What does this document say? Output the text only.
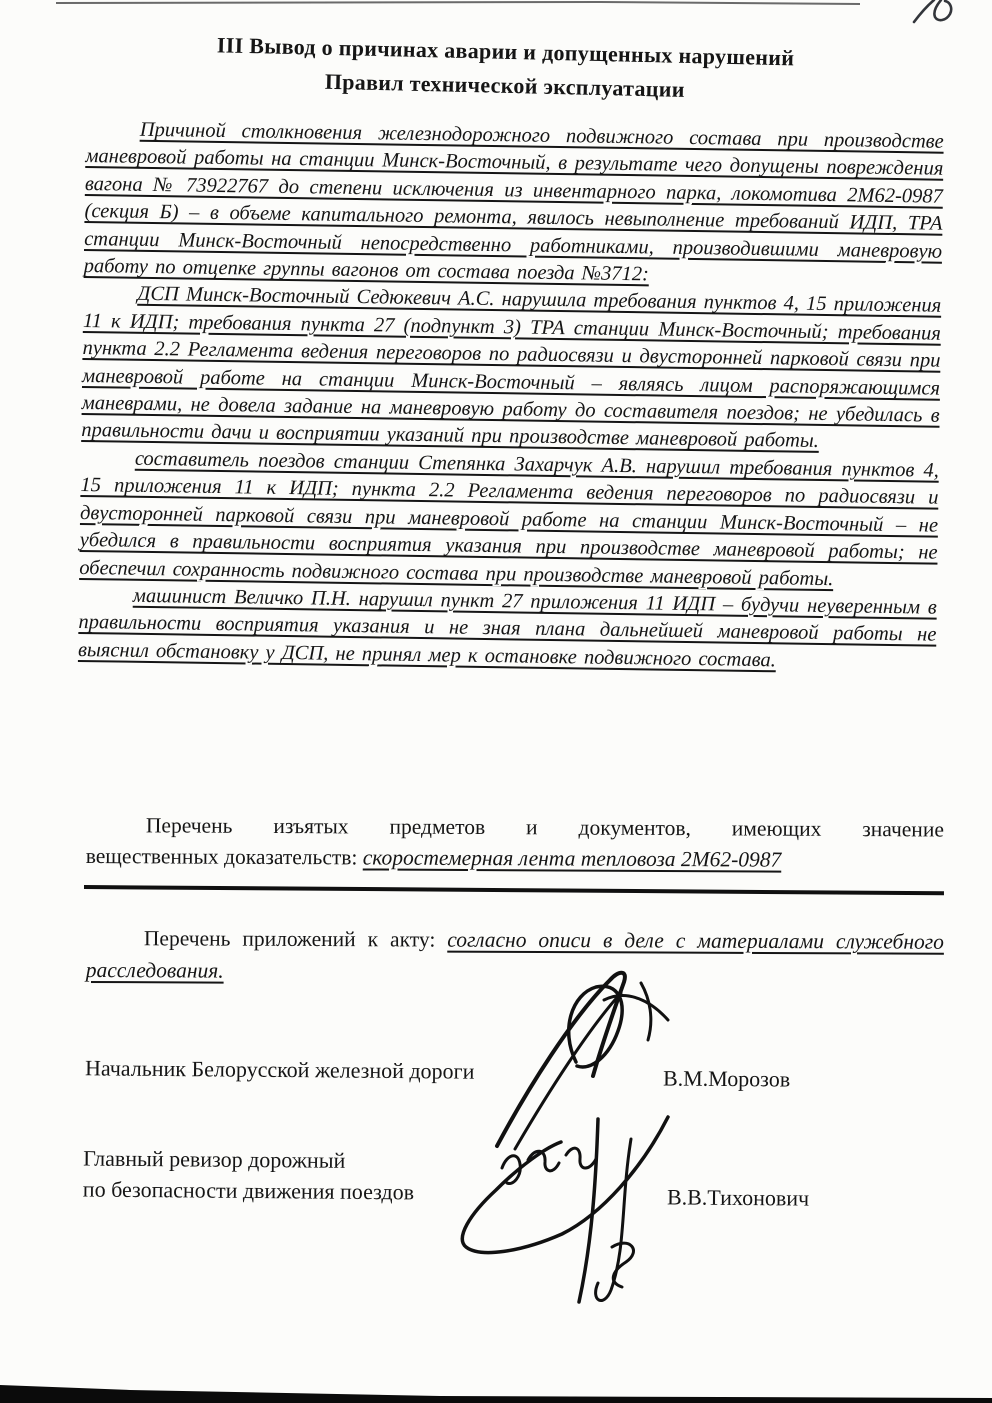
III Вывод о причинах аварии и допущенных нарушений
Правил технической эксплуатации

Причиной столкновения железнодорожного подвижного состава при производстве маневровой работы на станции Минск-Восточный, в результате чего допущены повреждения вагона № 73922767 до степени исключения из инвентарного парка, локомотива 2М62-0987 (секция Б) – в объеме капитального ремонта, явилось невыполнение требований ИДП, ТРА станции Минск-Восточный непосредственно работниками, производившими маневровую работу по отцепке группы вагонов от состава поезда №3712:

ДСП Минск-Восточный Седюкевич А.С. нарушила требования пунктов 4, 15 приложения 11 к ИДП; требования пункта 27 (подпункт 3) ТРА станции Минск-Восточный; требования пункта 2.2 Регламента ведения переговоров по радиосвязи и двусторонней парковой связи при маневровой работе на станции Минск-Восточный – являясь лицом распоряжающимся маневрами, не довела задание на маневровую работу до составителя поездов; не убедилась в правильности дачи и восприятии указаний при производстве маневровой работы.

составитель поездов станции Степянка Захарчук А.В. нарушил требования пунктов 4, 15 приложения 11 к ИДП; пункта 2.2 Регламента ведения переговоров по радиосвязи и двусторонней парковой связи при маневровой работе на станции Минск-Восточный – не убедился в правильности восприятия указания при производстве маневровой работы; не обеспечил сохранность подвижного состава при производстве маневровой работы.

машинист Величко П.Н. нарушил пункт 27 приложения 11 ИДП – будучи неуверенным в правильности восприятия указания и не зная плана дальнейшей маневровой работы не выяснил обстановку у ДСП, не принял мер к остановке подвижного состава.

Перечень изъятых предметов и документов, имеющих значение

вещественных доказательств: скоростемерная лента тепловоза 2М62-0987

Перечень приложений к акту: согласно описи в деле с материалами служебного расследования.

Начальник Белорусской железной дороги	В.М.Морозов
Главный ревизор дорожный
по безопасности движения поездов	В.В.Тихонович
